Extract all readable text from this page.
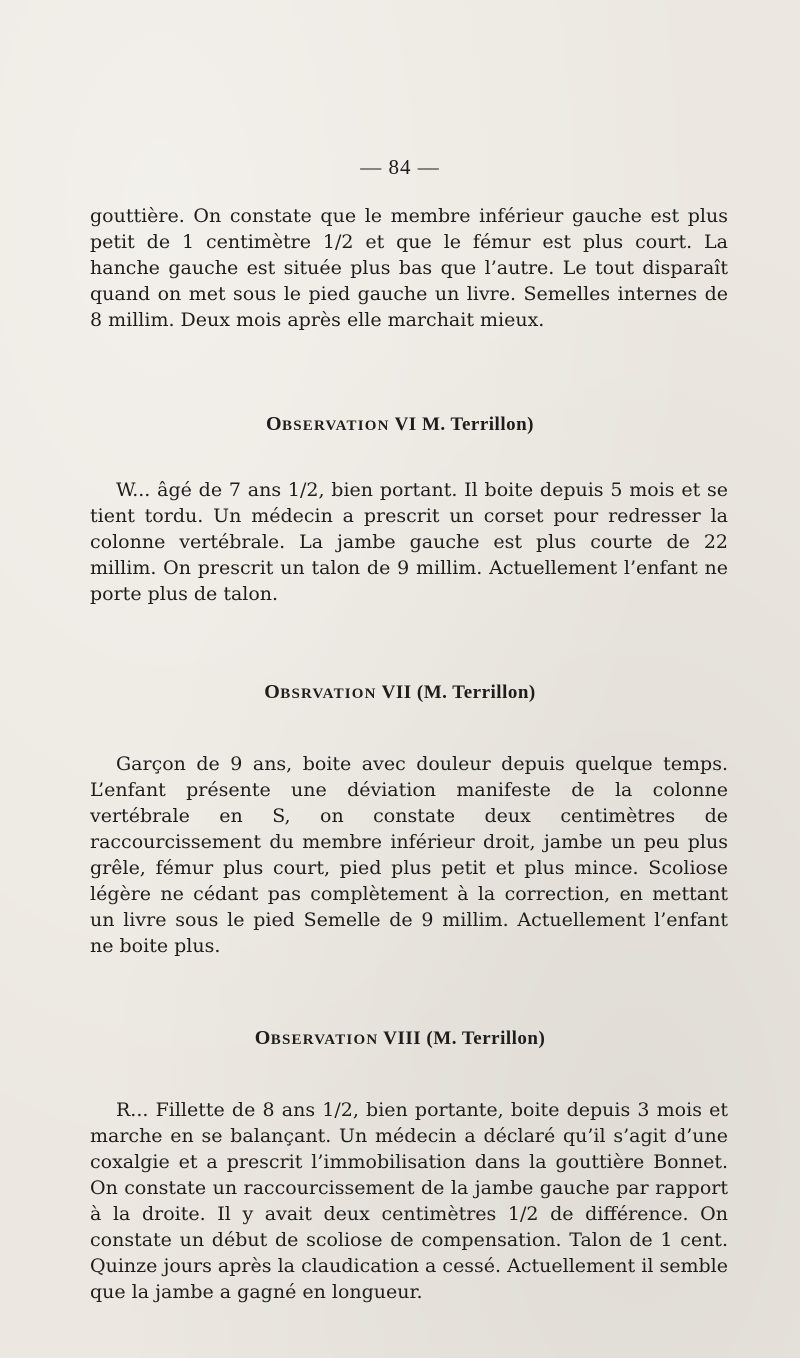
— 84 —

gouttière. On constate que le membre inférieur gauche est plus petit de 1 centimètre 1/2 et que le fémur est plus court. La hanche gauche est située plus bas que l’autre. Le tout disparaît quand on met sous le pied gauche un livre. Semelles internes de 8 millim. Deux mois après elle marchait mieux.

OBSERVATION VI M. Terrillon)

W... âgé de 7 ans 1/2, bien portant. Il boite depuis 5 mois et se tient tordu. Un médecin a prescrit un corset pour redresser la colonne vertébrale. La jambe gauche est plus courte de 22 millim. On prescrit un talon de 9 millim. Actuellement l’enfant ne porte plus de talon.

OBSRVATION VII (M. Terrillon)

Garçon de 9 ans, boite avec douleur depuis quelque temps. L’enfant présente une déviation manifeste de la colonne vertébrale en S, on constate deux centimètres de raccourcissement du membre inférieur droit, jambe un peu plus grêle, fémur plus court, pied plus petit et plus mince. Scoliose légère ne cédant pas complètement à la correction, en mettant un livre sous le pied Semelle de 9 millim. Actuellement l’enfant ne boite plus.

OBSERVATION VIII (M. Terrillon)

R... Fillette de 8 ans 1/2, bien portante, boite depuis 3 mois et marche en se balançant. Un médecin a déclaré qu’il s’agit d’une coxalgie et a prescrit l’immobilisation dans la gouttière Bonnet. On constate un raccourcissement de la jambe gauche par rapport à la droite. Il y avait deux centimètres 1/2 de différence. On constate un début de scoliose de compensation. Talon de 1 cent. Quinze jours après la claudication a cessé. Actuellement il semble que la jambe a gagné en longueur.
